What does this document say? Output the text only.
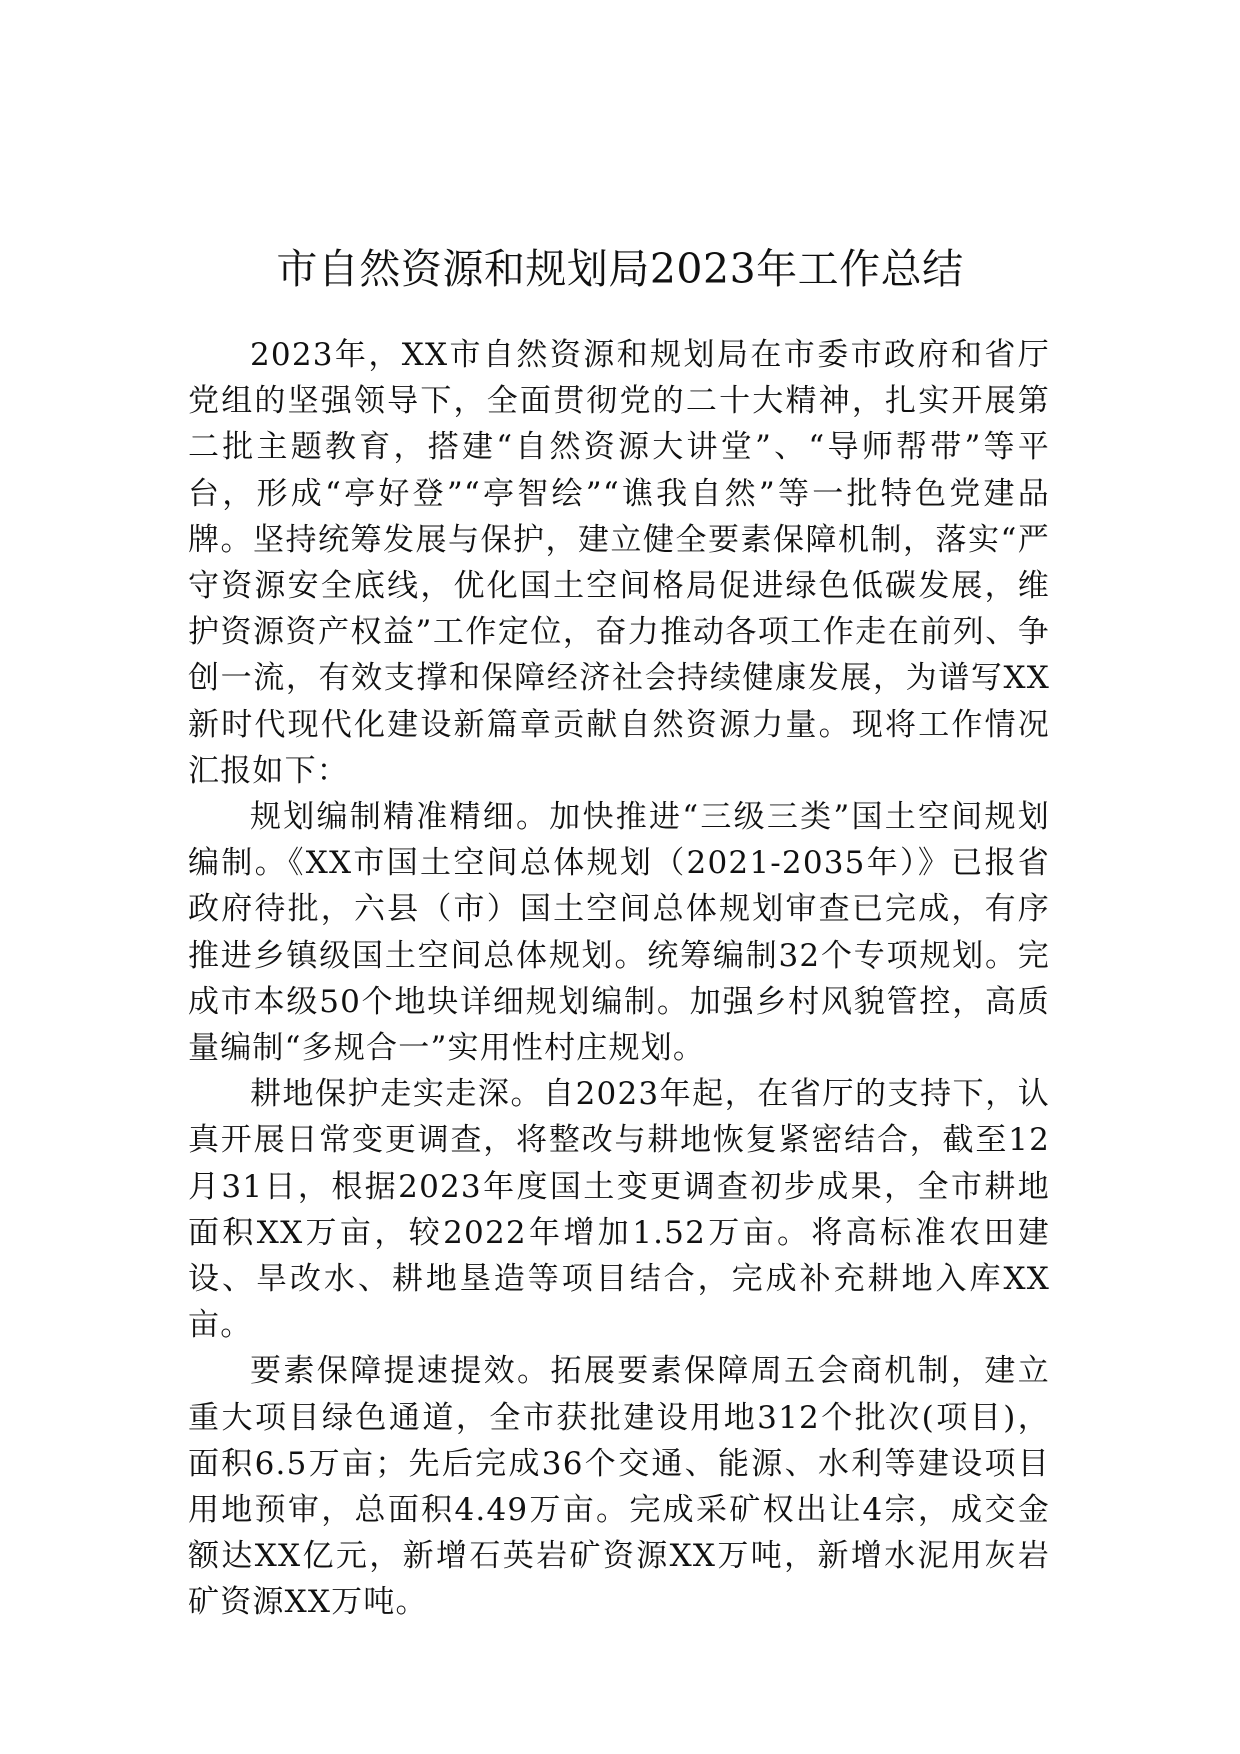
市自然资源和规划局2023年工作总结

2023年，XX市自然资源和规划局在市委市政府和省厅党组的坚强领导下，全面贯彻党的二十大精神，扎实开展第二批主题教育，搭建“自然资源大讲堂”、“导师帮带”等平台，形成“亭好登”“亭智绘”“谯我自然”等一批特色党建品牌。坚持统筹发展与保护，建立健全要素保障机制，落实“严守资源安全底线，优化国土空间格局促进绿色低碳发展，维护资源资产权益”工作定位，奋力推动各项工作走在前列、争创一流，有效支撑和保障经济社会持续健康发展，为谱写XX新时代现代化建设新篇章贡献自然资源力量。现将工作情况汇报如下：

规划编制精准精细。加快推进“三级三类”国土空间规划编制。《XX市国土空间总体规划（2021-2035年）》已报省政府待批，六县（市）国土空间总体规划审查已完成，有序推进乡镇级国土空间总体规划。统筹编制32个专项规划。完成市本级50个地块详细规划编制。加强乡村风貌管控，高质量编制“多规合一”实用性村庄规划。

耕地保护走实走深。自2023年起，在省厅的支持下，认真开展日常变更调查，将整改与耕地恢复紧密结合，截至12月31日，根据2023年度国土变更调查初步成果，全市耕地面积XX万亩，较2022年增加1.52万亩。将高标准农田建设、旱改水、耕地垦造等项目结合，完成补充耕地入库XX亩。

要素保障提速提效。拓展要素保障周五会商机制，建立重大项目绿色通道，全市获批建设用地312个批次(项目)，面积6.5万亩；先后完成36个交通、能源、水利等建设项目用地预审，总面积4.49万亩。完成采矿权出让4宗，成交金额达XX亿元，新增石英岩矿资源XX万吨，新增水泥用灰岩矿资源XX万吨。
